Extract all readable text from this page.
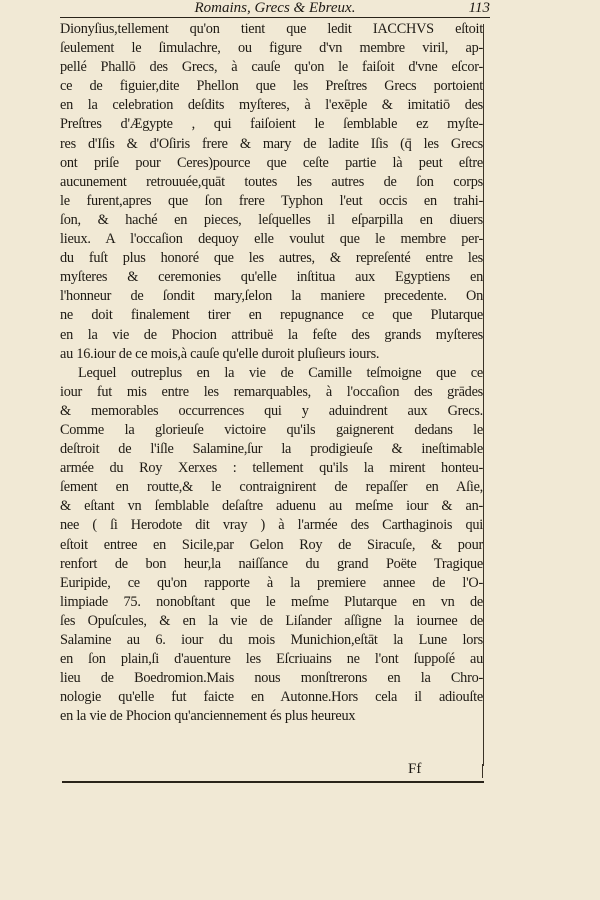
Romains, Grecs & Ebreux.	113
Dionyſius,tellement qu'on tient que ledit IACCHVS eſtoit
ſeulement le ſimulachre, ou figure d'vn membre viril, ap-
pellé Phallō des Grecs, à cauſe qu'on le faiſoit d'vne eſcor-
ce de figuier,dite Phellon que les Preſtres Grecs portoient
en la celebration deſdits myſteres, à l'exēple & imitatiō des
Preſtres d'Ægypte , qui faiſoient le ſemblable ez myſte-
res d'Iſis & d'Oſiris frere & mary de ladite Iſis (q̄ les Grecs
ont priſe pour Ceres)pource que ceſte partie là peut eſtre
aucunement retrouuée,quāt toutes les autres de ſon corps
le furent,apres que ſon frere Typhon l'eut occis en trahi-
ſon, & haché en pieces, leſquelles il eſparpilla en diuers
lieux. A l'occaſion dequoy elle voulut que le membre per-
du fuſt plus honoré que les autres, & repreſenté entre les
myſteres & ceremonies qu'elle inſtitua aux Egyptiens en
l'honneur de ſondit mary,ſelon la maniere precedente. On
ne doit finalement tirer en repugnance ce que Plutarque
en la vie de Phocion attribuë la feſte des grands myſteres
au 16.iour de ce mois,à cauſe qu'elle duroit pluſieurs iours.
Lequel outreplus en la vie de Camille teſmoigne que ce
iour fut mis entre les remarquables, à l'occaſion des grādes
& memorables occurrences qui y aduindrent aux Grecs.
Comme la glorieuſe victoire qu'ils gaignerent dedans le
deſtroit de l'iſle Salamine,ſur la prodigieuſe & ineſtimable
armée du Roy Xerxes : tellement qu'ils la mirent honteu-
ſement en routte,& le contraignirent de repaſſer en Aſie,
& eſtant vn ſemblable deſaſtre aduenu au meſme iour & an-
nee ( ſi Herodote dit vray ) à l'armée des Carthaginois qui
eſtoit entree en Sicile,par Gelon Roy de Siracuſe, & pour
renfort de bon heur,la naiſſance du grand Poëte Tragique
Euripide, ce qu'on rapporte à la premiere annee de l'O-
limpiade 75. nonobſtant que le meſme Plutarque en vn de
ſes Opuſcules, & en la vie de Liſander aſſigne la iournee de
Salamine au 6. iour du mois Munichion,eſtāt la Lune lors
en ſon plain,ſi d'auenture les Eſcriuains ne l'ont ſuppoſé au
lieu de Boedromion.Mais nous monſtrerons en la Chro-
nologie qu'elle fut faicte en Autonne.Hors cela il adiouſte
en la vie de Phocion qu'anciennement és plus heureux
Ff
